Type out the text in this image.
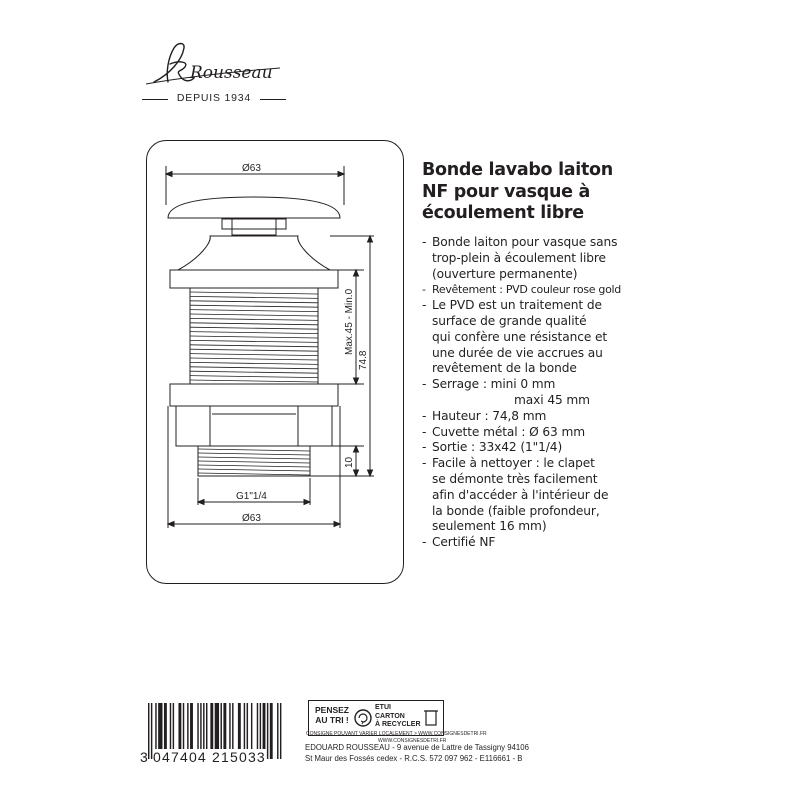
Rousseau
DEPUIS 1934
Ø63
Max.45 - Min.0
74.8
10
G1"1/4
Ø63
Bonde lavabo laiton
NF pour vasque à
écoulement libre
- Bonde laiton pour vasque sans
trop-plein à écoulement libre
(ouverture permanente)
- Revêtement : PVD couleur rose gold
- Le PVD est un traitement de
surface de grande qualité
qui confère une résistance et
une durée de vie accrues au
revêtement de la bonde
- Serrage : mini 0 mm
maxi 45 mm
- Hauteur : 74,8 mm
- Cuvette métal : Ø 63 mm
- Sortie : 33x42 (1"1/4)
- Facile à nettoyer : le clapet
se démonte très facilement
afin d'accéder à l'intérieur de
la bonde (faible profondeur,
seulement 16 mm)
- Certifié NF
047404 215033
3
PENSEZ
AU TRI !
ETUI
CARTON
À RECYCLER
WWW.CONSIGNESDETRI.FR
CONSIGNE POUVANT VARIER LOCALEMENT > WWW.CONSIGNESDETRI.FR
EDOUARD ROUSSEAU - 9 avenue de Lattre de Tassigny 94106
St Maur des Fossés cedex - R.C.S. 572 097 962 - E116661 - B
